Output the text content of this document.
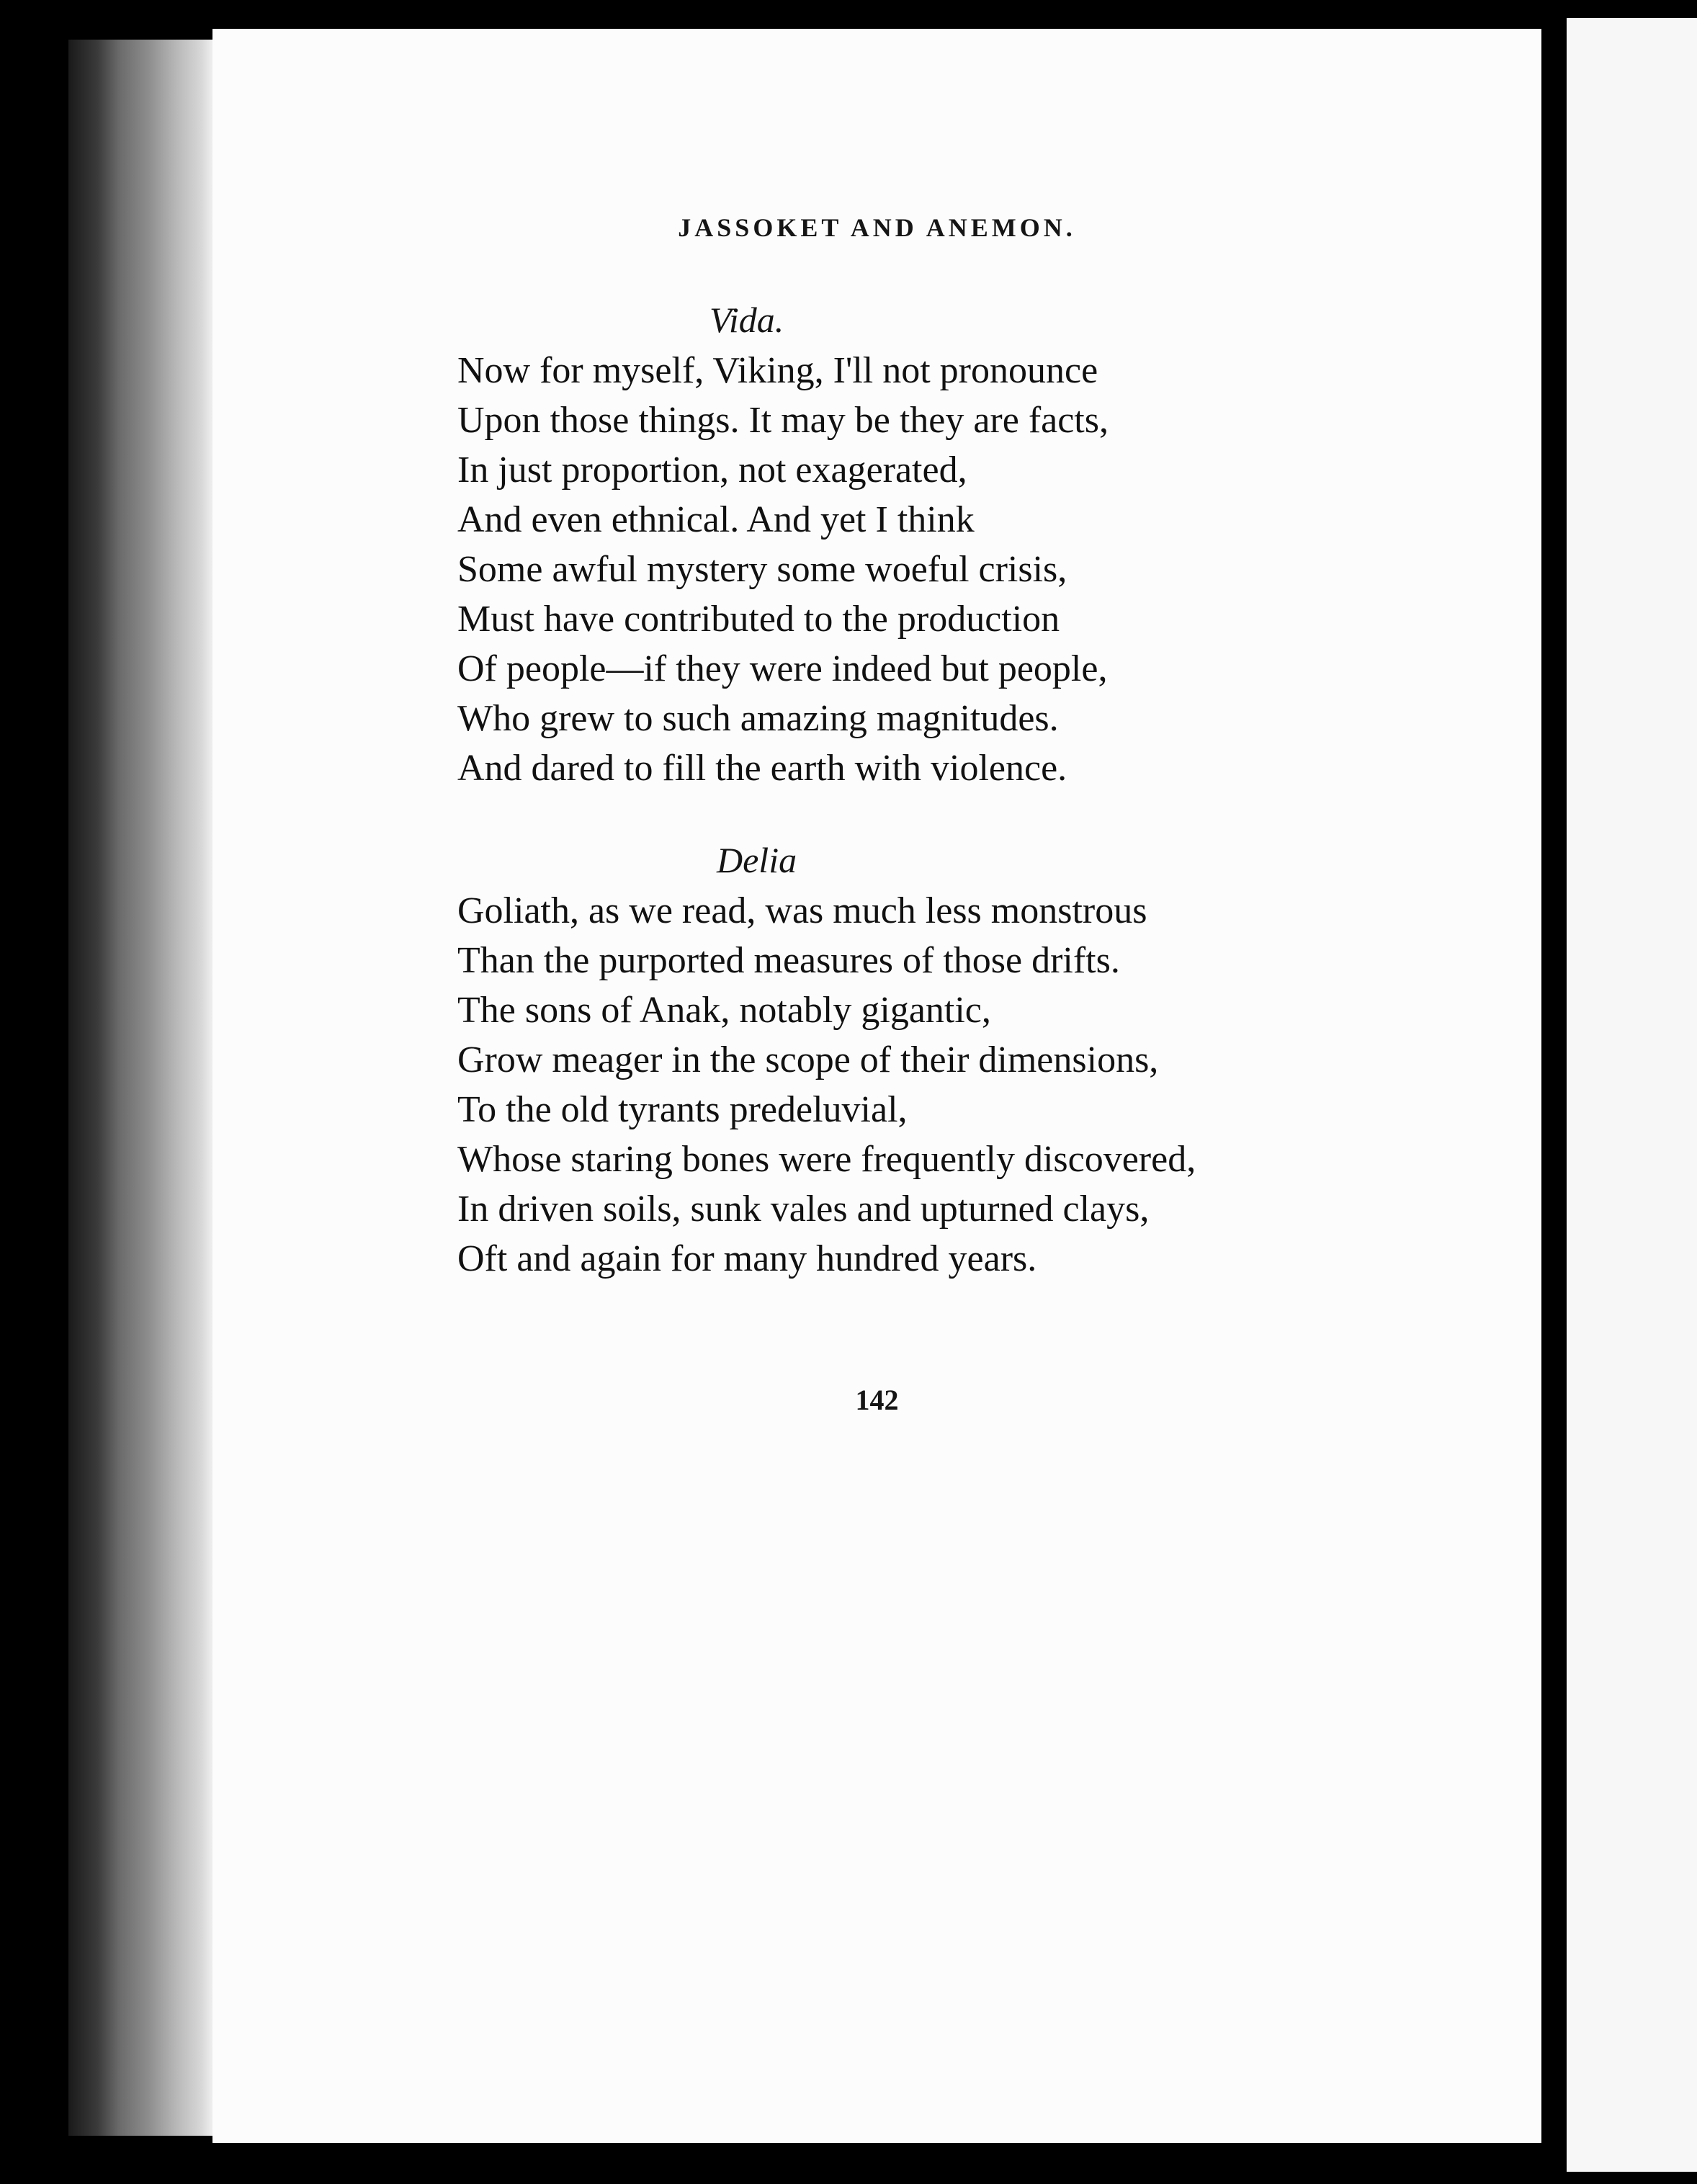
JASSOKET AND ANEMON.
Vida.
Now for myself, Viking, I'll not pronounce
Upon those things. It may be they are facts,
In just proportion, not exagerated,
And even ethnical. And yet I think
Some awful mystery some woeful crisis,
Must have contributed to the production
Of people—if they were indeed but people,
Who grew to such amazing magnitudes.
And dared to fill the earth with violence.
Delia
Goliath, as we read, was much less monstrous
Than the purported measures of those drifts.
The sons of Anak, notably gigantic,
Grow meager in the scope of their dimensions,
To the old tyrants predeluvial,
Whose staring bones were frequently discovered,
In driven soils, sunk vales and upturned clays,
Oft and again for many hundred years.
142
